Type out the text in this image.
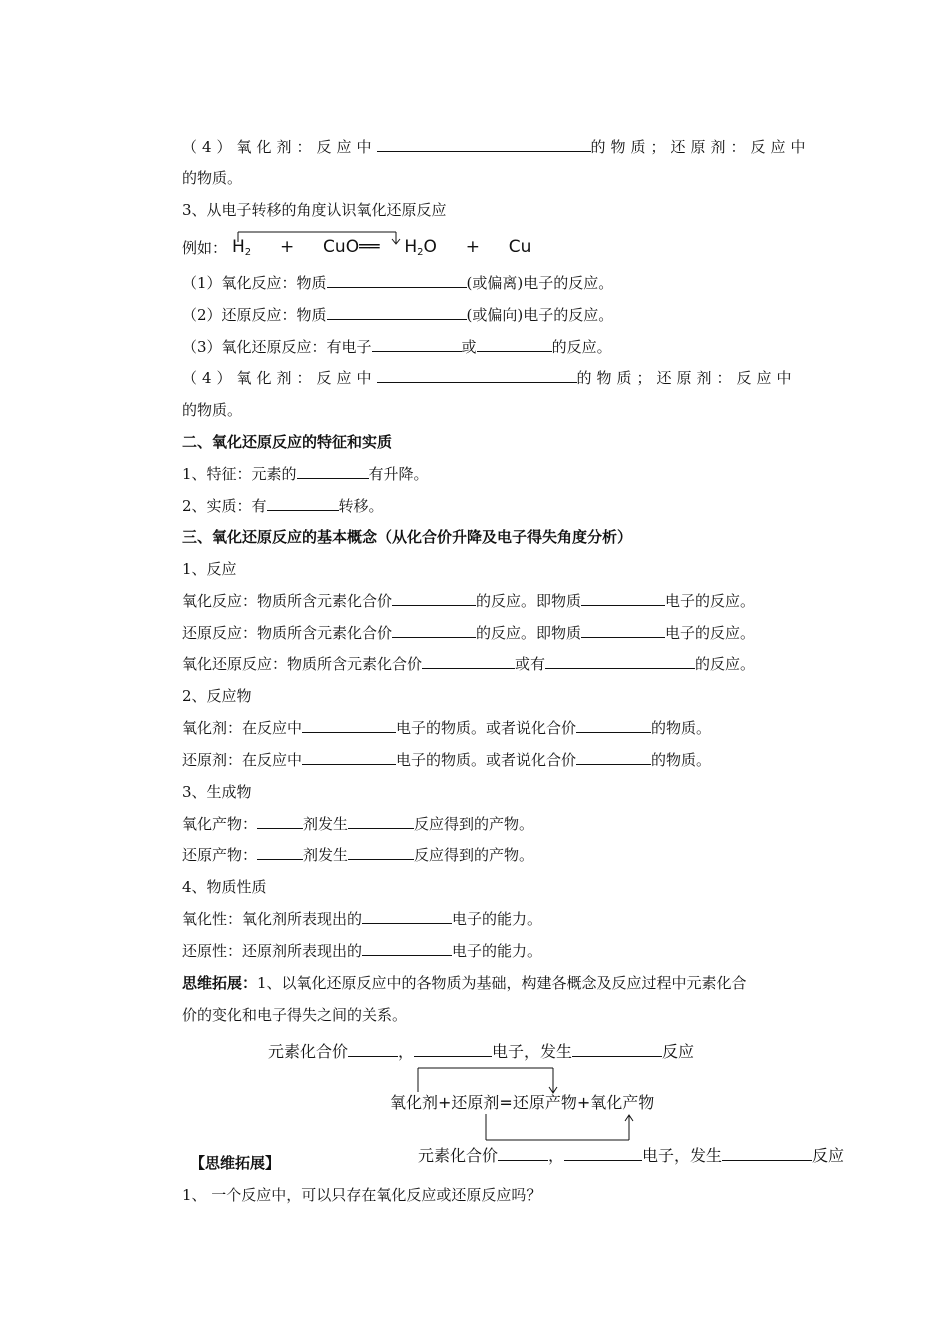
（4）氧化剂：反应中	的物质；还原剂：反应中
的物质。
3、从电子转移的角度认识氧化还原反应
例如： $H_2$ + CuO══ $H_2O + Cu$
（1）氧化反应：物质	(或偏离)电子的反应。
（2）还原反应：物质	(或偏向)电子的反应。
（3）氧化还原反应：有电子	或	的反应。
（4）氧化剂：反应中	的物质；还原剂：反应中
的物质。
二、氧化还原反应的特征和实质
1、特征：元素的	有升降。
2、实质：有	转移。
三、氧化还原反应的基本概念（从化合价升降及电子得失角度分析）
1、反应
氧化反应：物质所含元素化合价	的反应。即物质	电子的反应。
还原反应：物质所含元素化合价	的反应。即物质	电子的反应。
氧化还原反应：物质所含元素化合价	或有	的反应。
2、反应物
氧化剂：在反应中	电子的物质。或者说化合价	的物质。
还原剂：在反应中	电子的物质。或者说化合价	的物质。
3、生成物
氧化产物：	剂发生	反应得到的产物。
还原产物：	剂发生	反应得到的产物。
4、物质性质
氧化性：氧化剂所表现出的	电子的能力。
还原性：还原剂所表现出的	电子的能力。
思维拓展：1、以氧化还原反应中的各物质为基础，构建各概念及反应过程中元素化合
价的变化和电子得失之间的关系。
元素化合价	，	电子，发生	反应
氧化剂+还原剂=还原产物+氧化产物
元素化合价	，	电子，发生	反应
【思维拓展】
1、 一个反应中，可以只存在氧化反应或还原反应吗？
